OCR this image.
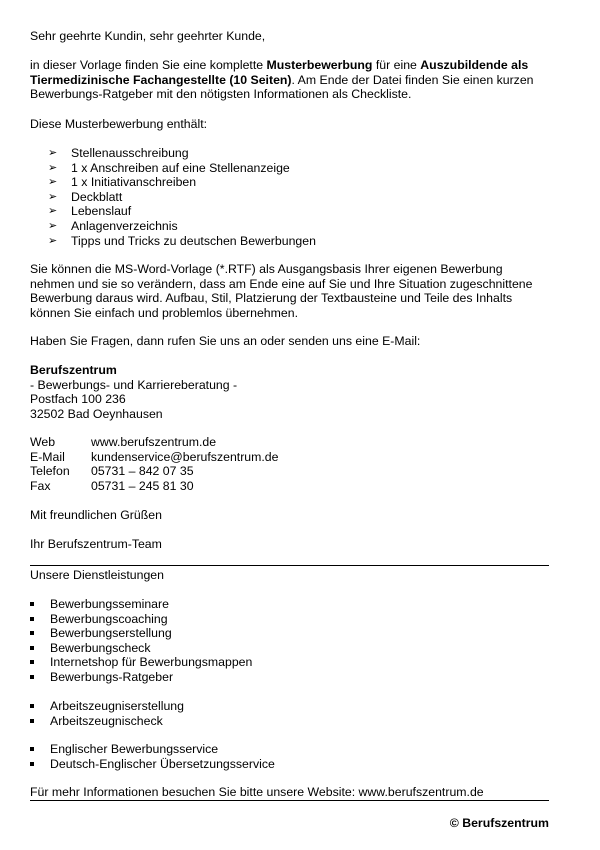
Sehr geehrte Kundin, sehr geehrter Kunde,
in dieser Vorlage finden Sie eine komplette Musterbewerbung für eine Auszubildende als
Tiermedizinische Fachangestellte (10 Seiten). Am Ende der Datei finden Sie einen kurzen
Bewerbungs-Ratgeber mit den nötigsten Informationen als Checkliste.
Diese Musterbewerbung enthält:
➢ Stellenausschreibung
➢ 1 x Anschreiben auf eine Stellenanzeige
➢ 1 x Initiativanschreiben
➢ Deckblatt
➢ Lebenslauf
➢ Anlagenverzeichnis
➢ Tipps und Tricks zu deutschen Bewerbungen
Sie können die MS-Word-Vorlage (*.RTF) als Ausgangsbasis Ihrer eigenen Bewerbung
nehmen und sie so verändern, dass am Ende eine auf Sie und Ihre Situation zugeschnittene
Bewerbung daraus wird. Aufbau, Stil, Platzierung der Textbausteine und Teile des Inhalts
können Sie einfach und problemlos übernehmen.
Haben Sie Fragen, dann rufen Sie uns an oder senden uns eine E-Mail:
Berufszentrum
- Bewerbungs- und Karriereberatung -
Postfach 100 236
32502 Bad Oeynhausen
Web	www.berufszentrum.de
E-Mail kundenservice@berufszentrum.de
Telefon 05731 – 842 07 35
Fax	05731 – 245 81 30
Mit freundlichen Grüßen
Ihr Berufszentrum-Team
Unsere Dienstleistungen
Bewerbungsseminare
Bewerbungscoaching
Bewerbungserstellung
Bewerbungscheck
Internetshop für Bewerbungsmappen
Bewerbungs-Ratgeber
Arbeitszeugniserstellung
Arbeitszeugnischeck
Englischer Bewerbungsservice
Deutsch-Englischer Übersetzungsservice
Für mehr Informationen besuchen Sie bitte unsere Website: www.berufszentrum.de
© Berufszentrum
